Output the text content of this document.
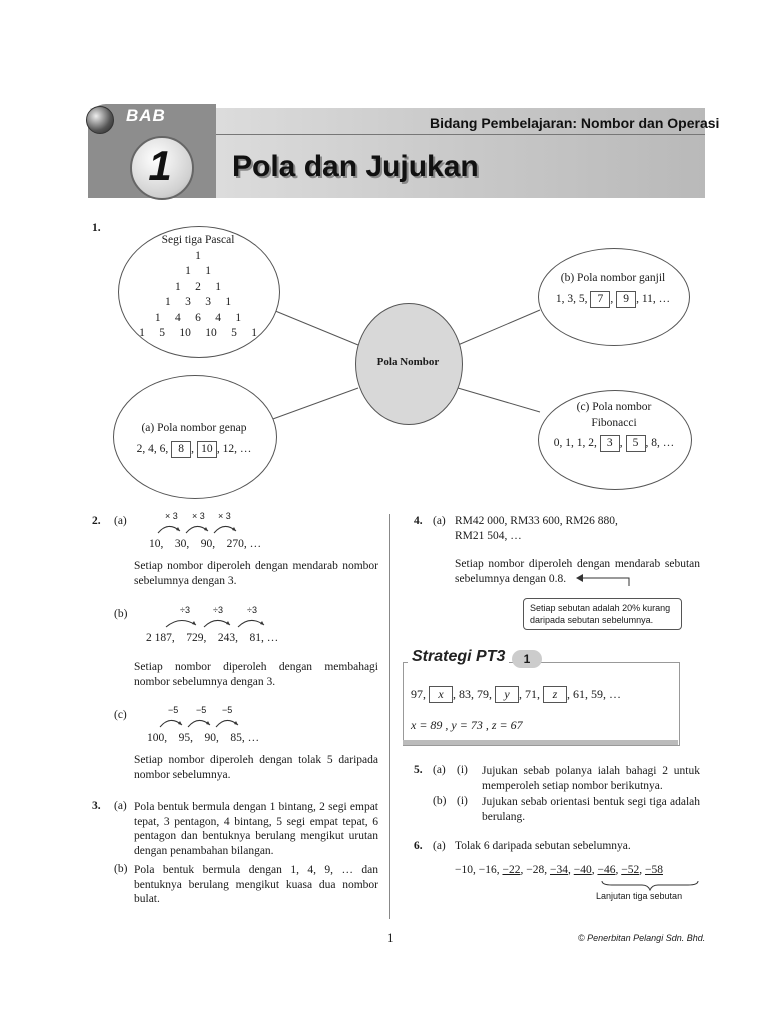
BAB
1
Bidang Pembelajaran: Nombor dan Operasi
Pola dan Jujukan
1.
Segi tiga Pascal
1
1     1
1     2     1
1     3     3     1
1     4     6     4     1
1     5     10     10     5     1
Pola Nombor
(b) Pola nombor ganjil
1, 3, 5, 7 , 9 , 11, …
(a) Pola nombor genap
2, 4, 6, 8 , 10 , 12, …
(c) Pola nombor
Fibonacci
0, 1, 1, 2, 3 , 5 , 8, …
2. (a)	× 3 × 3 × 3
10,    30,    90,    270, …
Setiap nombor diperoleh dengan mendarab nombor sebelumnya dengan 3.
(b)	÷3	÷3	÷3
2 187,    729,    243,    81, …
Setiap nombor diperoleh dengan membahagi nombor sebelumnya dengan 3.
(c)	−5 −5 −5
100,    95,    90,    85, …
Setiap nombor diperoleh dengan tolak 5 daripada nombor sebelumnya.
3. (a) Pola bentuk bermula dengan 1 bintang, 2 segi empat tepat, 3 pentagon, 4 bintang, 5 segi empat tepat, 6 pentagon dan bentuknya berulang mengikut urutan dengan penambahan bilangan.
(b) Pola bentuk bermula dengan 1, 4, 9, … dan bentuknya berulang mengikut kuasa dua nombor bulat.
4. (a) RM42 000, RM33 600, RM26 880,
RM21 504, …
Setiap nombor diperoleh dengan mendarab sebutan sebelumnya dengan 0.8.
Setiap sebutan adalah 20% kurang daripada sebutan sebelumnya.
Strategi PT3	1
97, x , 83, 79, y , 71, z , 61, 59, …
x = 89 , y = 73 , z = 67
5. (a) (i) Jujukan sebab polanya ialah bahagi 2 untuk memperoleh setiap nombor berikutnya.
(b) (i) Jujukan sebab orientasi bentuk segi tiga adalah berulang.
6. (a) Tolak 6 daripada sebutan sebelumnya.
−10, −16, −22, −28, −34, −40, −46, −52, −58
Lanjutan tiga sebutan
1	© Penerbitan Pelangi Sdn. Bhd.
